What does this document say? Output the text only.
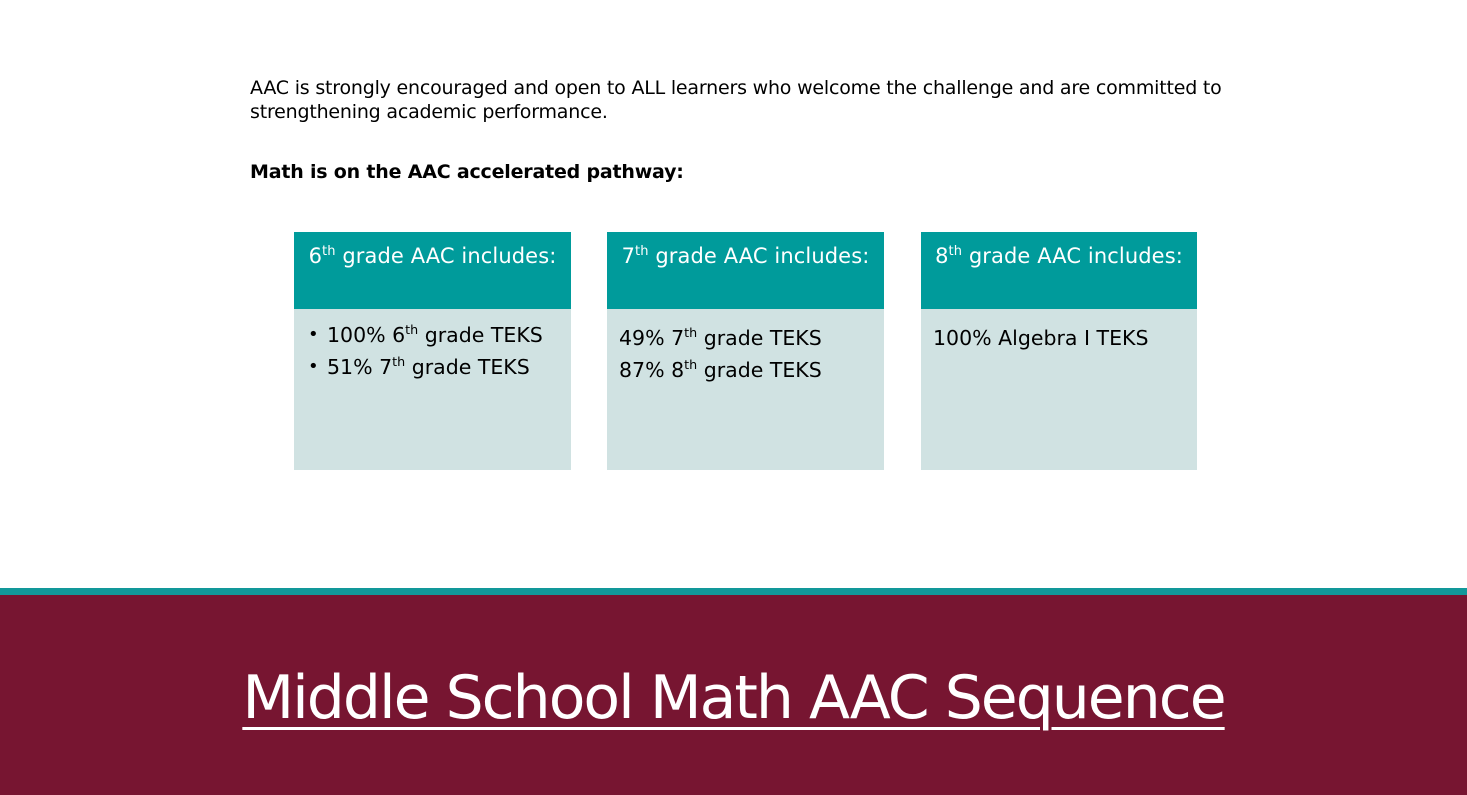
AAC is strongly encouraged and open to ALL learners who welcome the challenge and are committed to strengthening academic performance.
Math is on the AAC accelerated pathway:
6th grade AAC includes:
• 100% 6th grade TEKS
• 51% 7th grade TEKS
7th grade AAC includes:
49% 7th grade TEKS
87% 8th grade TEKS
8th grade AAC includes:
100% Algebra I TEKS
Middle School Math AAC Sequence
